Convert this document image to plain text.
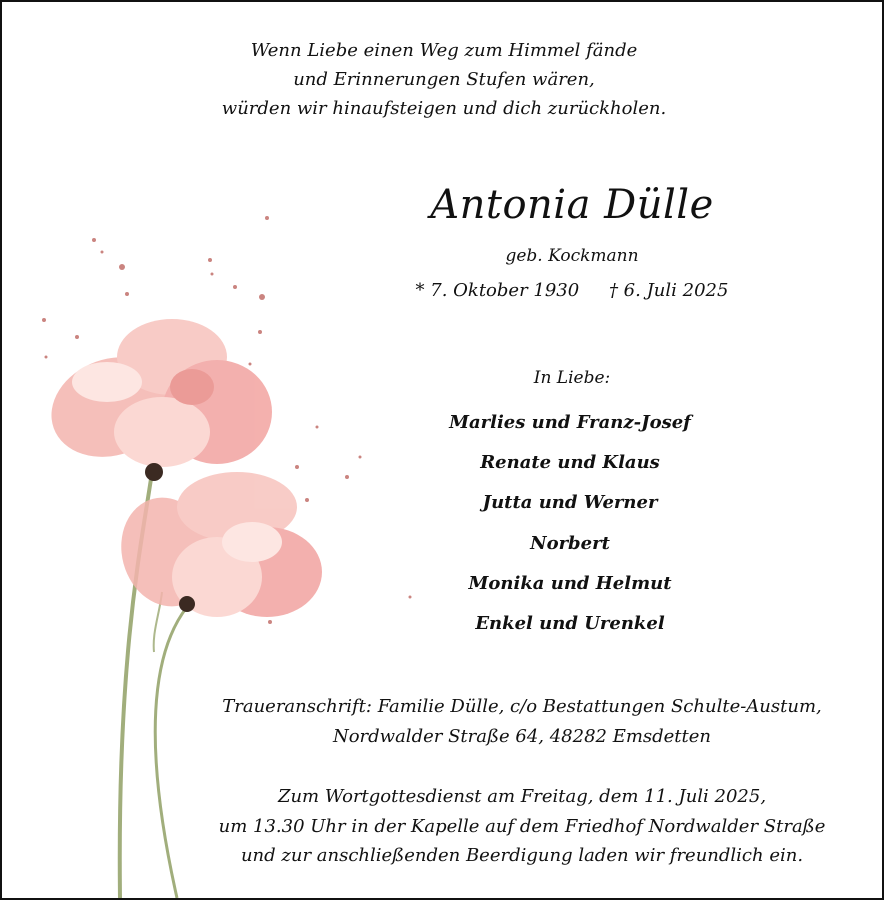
Wenn Liebe einen Weg zum Himmel fände
und Erinnerungen Stufen wären,
würden wir hinaufsteigen und dich zurückholen.
Antonia Dülle
geb. Kockmann
* 7. Oktober 1930 † 6. Juli 2025
In Liebe:
Marlies und Franz-Josef
Renate und Klaus
Jutta und Werner
Norbert
Monika und Helmut
Enkel und Urenkel
Traueranschrift: Familie Dülle, c/o Bestattungen Schulte-Austum,
Nordwalder Straße 64, 48282 Emsdetten
Zum Wortgottesdienst am Freitag, dem 11. Juli 2025,
um 13.30 Uhr in der Kapelle auf dem Friedhof Nordwalder Straße
und zur anschließenden Beerdigung laden wir freundlich ein.
